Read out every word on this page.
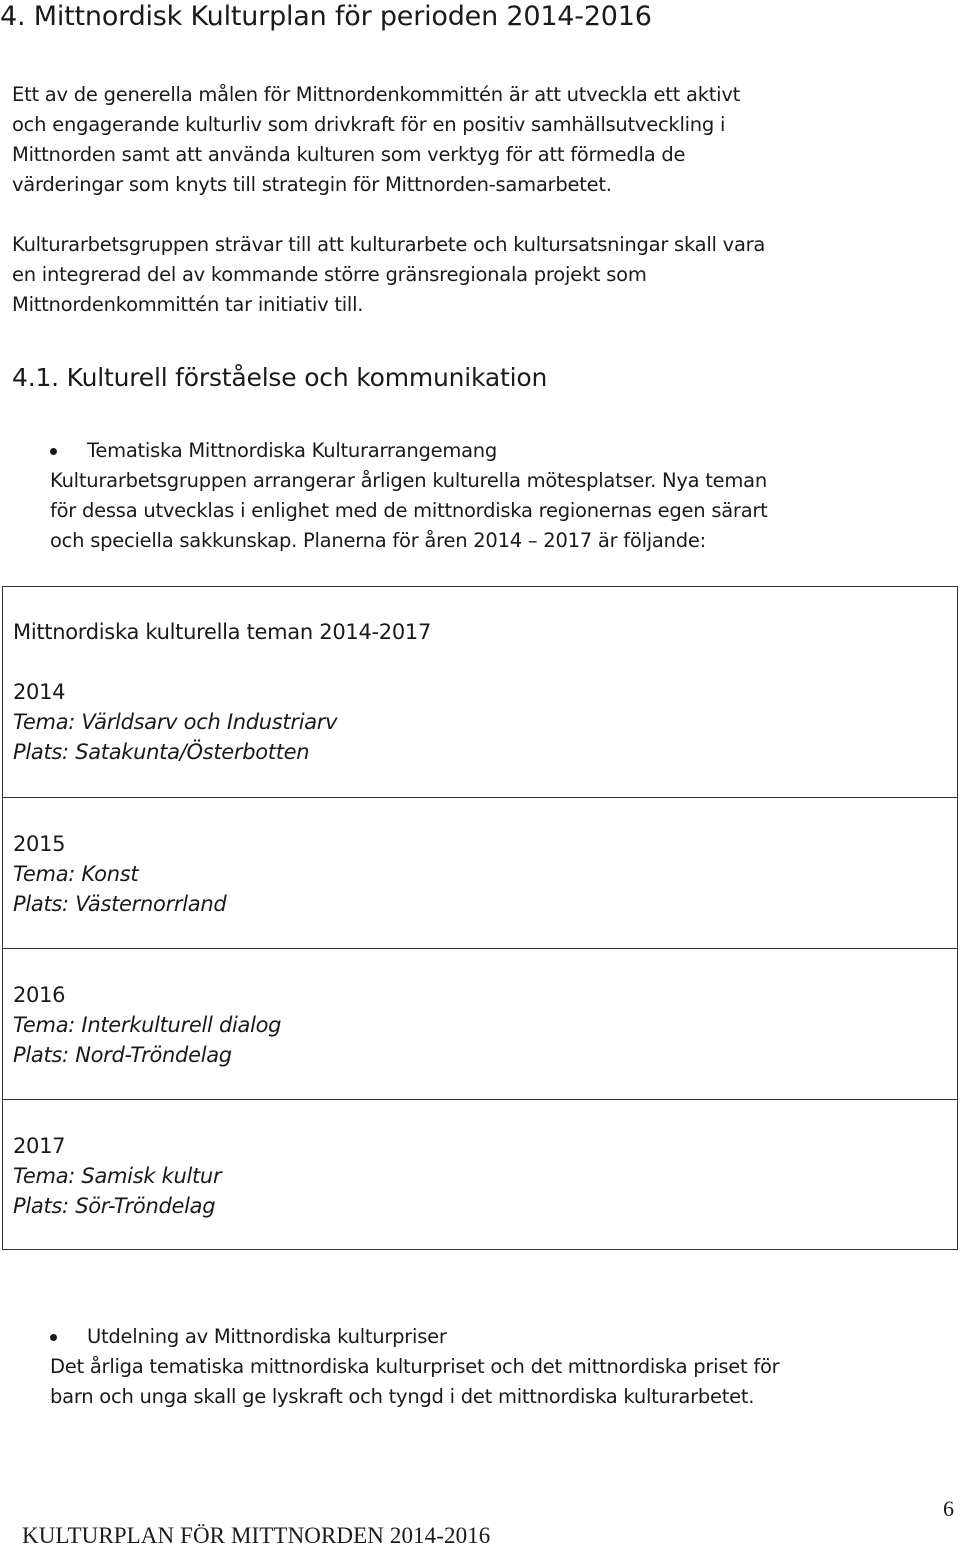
4. Mittnordisk Kulturplan för perioden 2014-2016
Ett av de generella målen för Mittnordenkommittén är att utveckla ett aktivt
och engagerande kulturliv som drivkraft för en positiv samhällsutveckling i
Mittnorden samt att använda kulturen som verktyg för att förmedla de
värderingar som knyts till strategin för Mittnorden-samarbetet.
Kulturarbetsgruppen strävar till att kulturarbete och kultursatsningar skall vara
en integrerad del av kommande större gränsregionala projekt som
Mittnordenkommittén tar initiativ till.
4.1. Kulturell förståelse och kommunikation
Tematiska Mittnordiska Kulturarrangemang
Kulturarbetsgruppen arrangerar årligen kulturella mötesplatser. Nya teman
för dessa utvecklas i enlighet med de mittnordiska regionernas egen särart
och speciella sakkunskap. Planerna för åren 2014 – 2017 är följande:
Mittnordiska kulturella teman 2014-2017
2014
Tema: Världsarv och Industriarv
Plats: Satakunta/Österbotten
2015
Tema: Konst
Plats: Västernorrland
2016
Tema: Interkulturell dialog
Plats: Nord-Tröndelag
2017
Tema: Samisk kultur
Plats: Sör-Tröndelag
Utdelning av Mittnordiska kulturpriser
Det årliga tematiska mittnordiska kulturpriset och det mittnordiska priset för
barn och unga skall ge lyskraft och tyngd i det mittnordiska kulturarbetet.
6
KULTURPLAN FÖR MITTNORDEN 2014-2016
